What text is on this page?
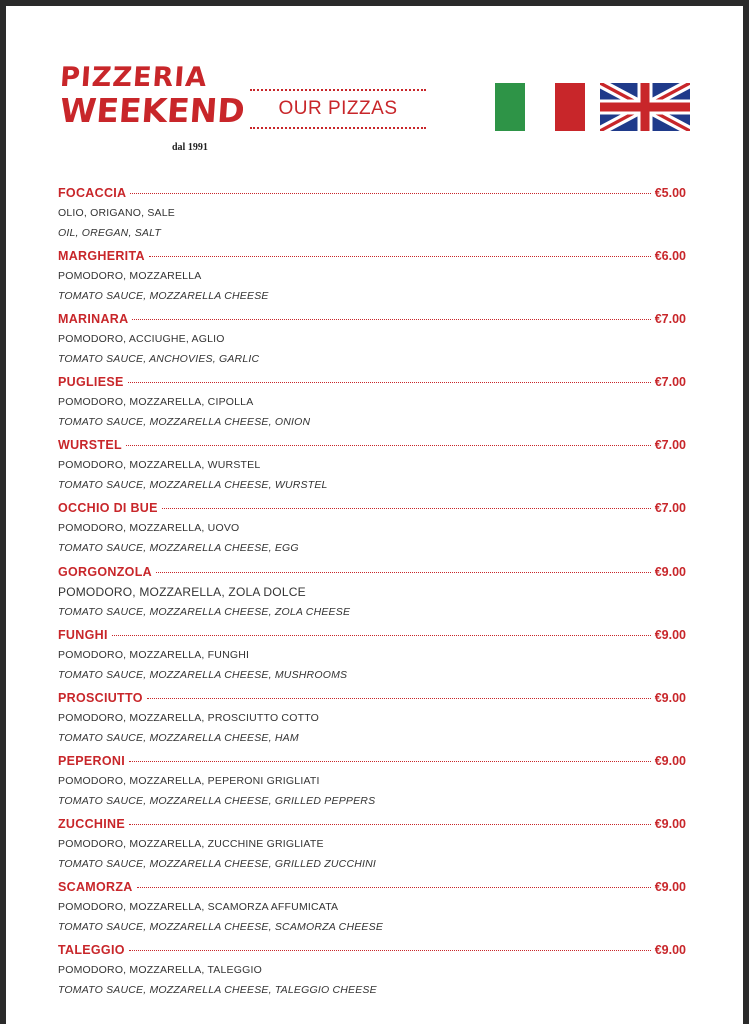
PIZZERIA
WEEKEND
dal 1991
OUR PIZZAS
FOCACCIA	€5.00
OLIO, ORIGANO, SALE
OIL, OREGAN, SALT
MARGHERITA	€6.00
POMODORO, MOZZARELLA
TOMATO SAUCE, MOZZARELLA CHEESE
MARINARA	€7.00
POMODORO, ACCIUGHE, AGLIO
TOMATO SAUCE, ANCHOVIES, GARLIC
PUGLIESE	€7.00
POMODORO, MOZZARELLA, CIPOLLA
TOMATO SAUCE, MOZZARELLA CHEESE, ONION
WURSTEL	€7.00
POMODORO, MOZZARELLA, WURSTEL
TOMATO SAUCE, MOZZARELLA CHEESE, WURSTEL
OCCHIO DI BUE	€7.00
POMODORO, MOZZARELLA, UOVO
TOMATO SAUCE, MOZZARELLA CHEESE, EGG
GORGONZOLA	€9.00
POMODORO, MOZZARELLA, ZOLA DOLCE
TOMATO SAUCE, MOZZARELLA CHEESE, ZOLA CHEESE
FUNGHI	€9.00
POMODORO, MOZZARELLA, FUNGHI
TOMATO SAUCE, MOZZARELLA CHEESE, MUSHROOMS
PROSCIUTTO	€9.00
POMODORO, MOZZARELLA, PROSCIUTTO COTTO
TOMATO SAUCE, MOZZARELLA CHEESE, HAM
PEPERONI	€9.00
POMODORO, MOZZARELLA, PEPERONI GRIGLIATI
TOMATO SAUCE, MOZZARELLA CHEESE, GRILLED PEPPERS
ZUCCHINE	€9.00
POMODORO, MOZZARELLA, ZUCCHINE GRIGLIATE
TOMATO SAUCE, MOZZARELLA CHEESE, GRILLED ZUCCHINI
SCAMORZA	€9.00
POMODORO, MOZZARELLA, SCAMORZA AFFUMICATA
TOMATO SAUCE, MOZZARELLA CHEESE, SCAMORZA CHEESE
TALEGGIO	€9.00
POMODORO, MOZZARELLA, TALEGGIO
TOMATO SAUCE, MOZZARELLA CHEESE, TALEGGIO CHEESE
